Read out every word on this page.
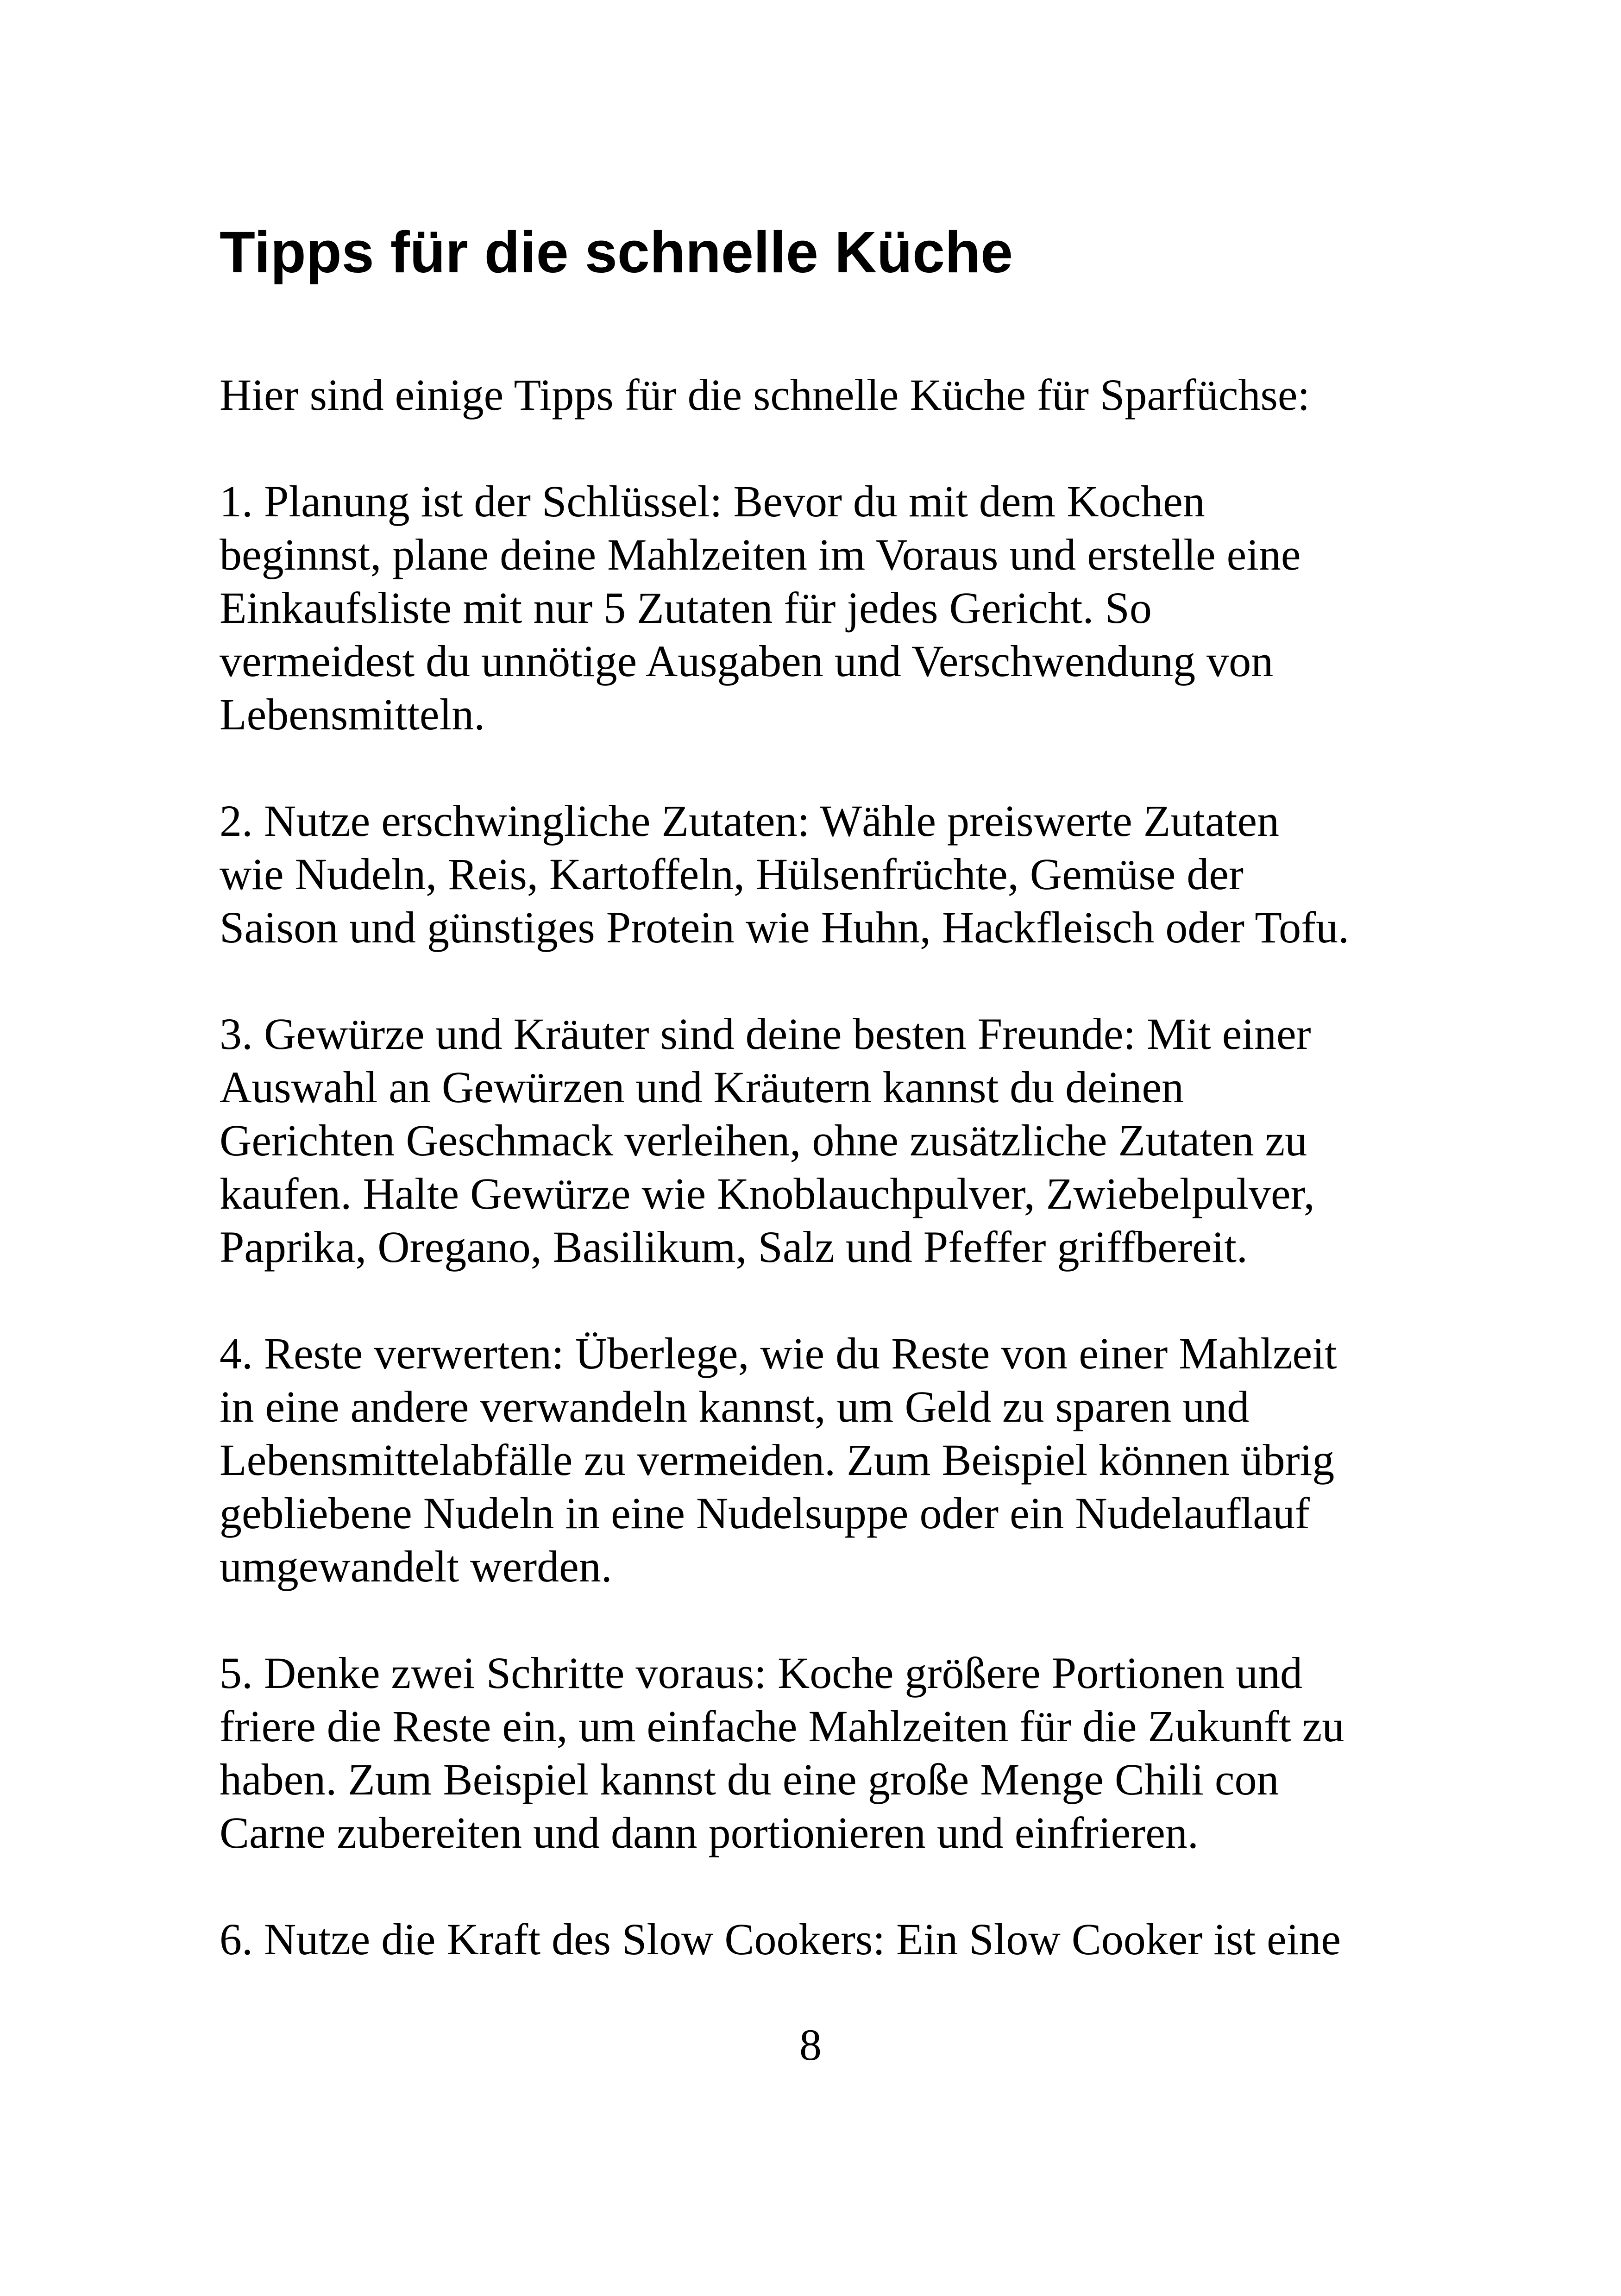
Tipps für die schnelle Küche
Hier sind einige Tipps für die schnelle Küche für Sparfüchse:
1. Planung ist der Schlüssel: Bevor du mit dem Kochen
beginnst, plane deine Mahlzeiten im Voraus und erstelle eine
Einkaufsliste mit nur 5 Zutaten für jedes Gericht. So
vermeidest du unnötige Ausgaben und Verschwendung von
Lebensmitteln.
2. Nutze erschwingliche Zutaten: Wähle preiswerte Zutaten
wie Nudeln, Reis, Kartoffeln, Hülsenfrüchte, Gemüse der
Saison und günstiges Protein wie Huhn, Hackfleisch oder Tofu.
3. Gewürze und Kräuter sind deine besten Freunde: Mit einer
Auswahl an Gewürzen und Kräutern kannst du deinen
Gerichten Geschmack verleihen, ohne zusätzliche Zutaten zu
kaufen. Halte Gewürze wie Knoblauchpulver, Zwiebelpulver,
Paprika, Oregano, Basilikum, Salz und Pfeffer griffbereit.
4. Reste verwerten: Überlege, wie du Reste von einer Mahlzeit
in eine andere verwandeln kannst, um Geld zu sparen und
Lebensmittelabfälle zu vermeiden. Zum Beispiel können übrig
gebliebene Nudeln in eine Nudelsuppe oder ein Nudelauflauf
umgewandelt werden.
5. Denke zwei Schritte voraus: Koche größere Portionen und
friere die Reste ein, um einfache Mahlzeiten für die Zukunft zu
haben. Zum Beispiel kannst du eine große Menge Chili con
Carne zubereiten und dann portionieren und einfrieren.
6. Nutze die Kraft des Slow Cookers: Ein Slow Cooker ist eine
8
